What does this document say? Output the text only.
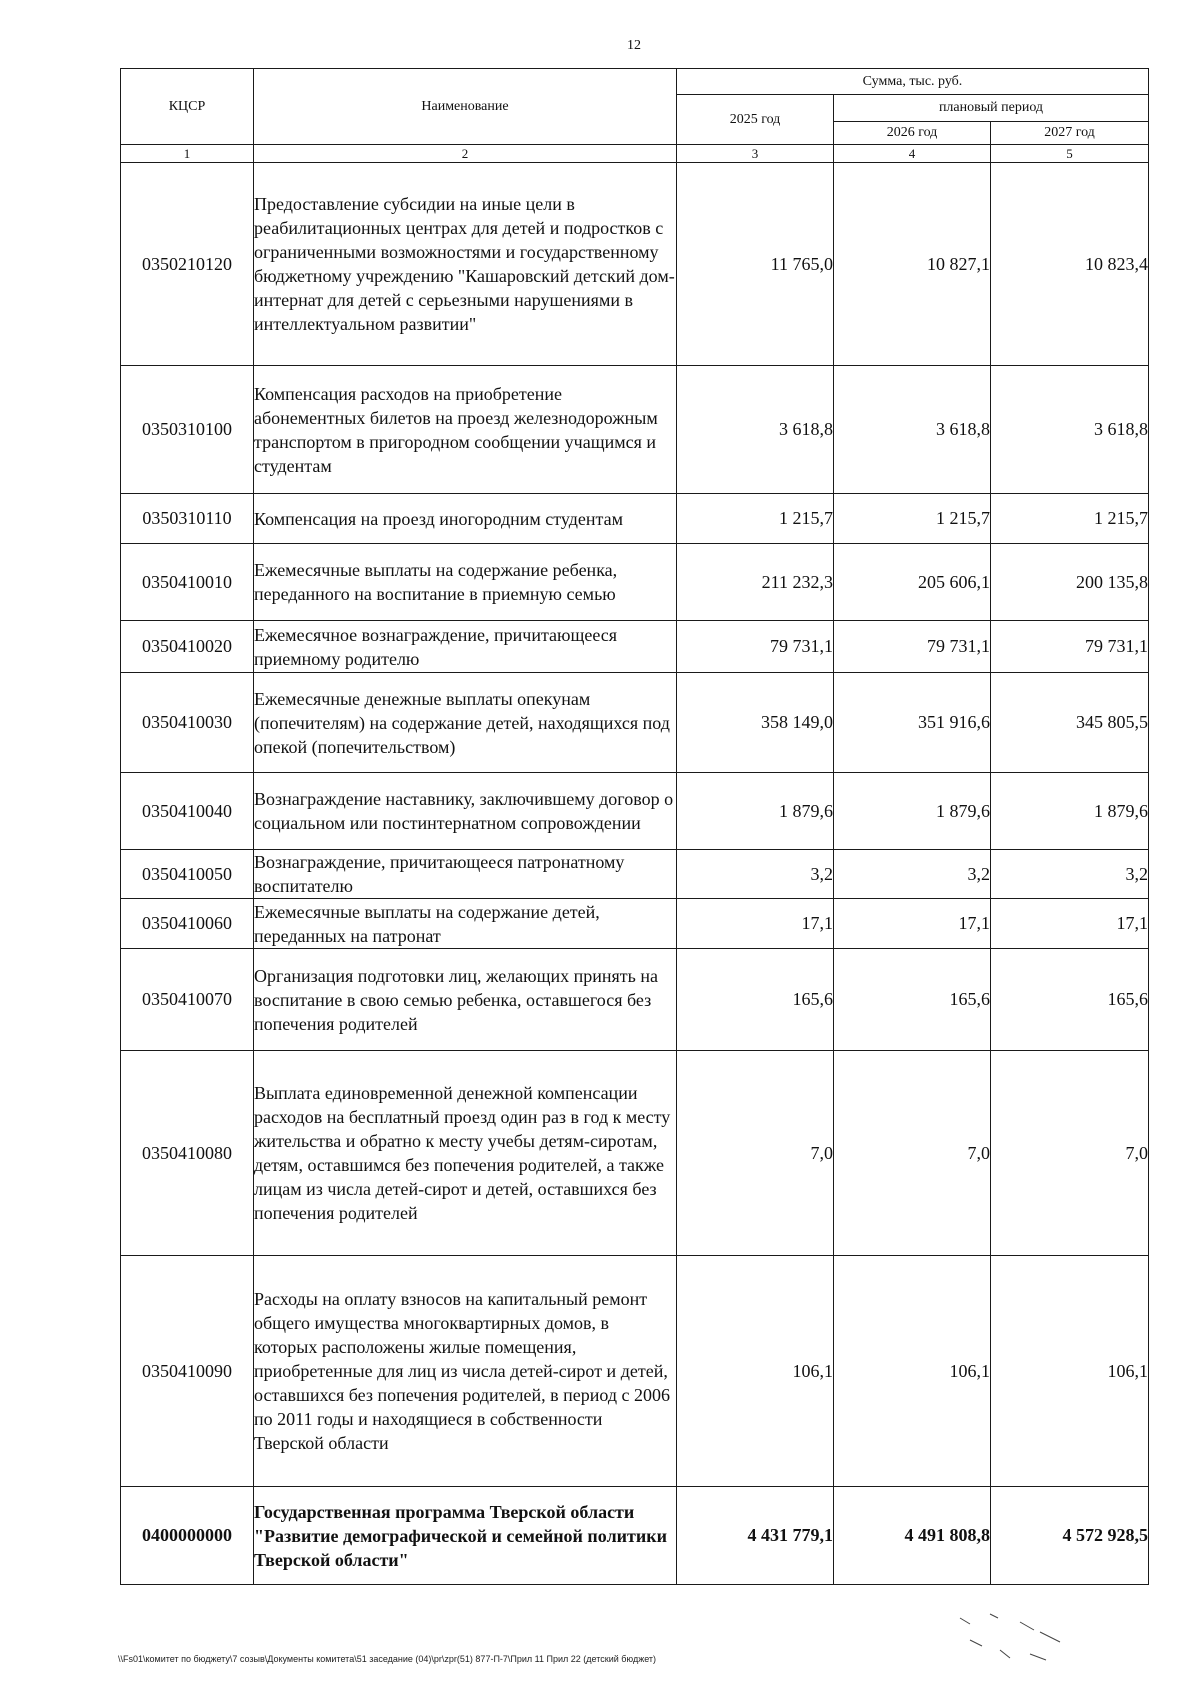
12
КЦСР	Наименование	Сумма, тыс. руб.		
		2025 год	плановый период	
			2026 год	2027 год
1	2	3	4	5
0350210120	Предоставление субсидии на иные цели в реабилитационных центрах для детей и подростков с ограниченными возможностями и государственному бюджетному учреждению "Кашаровский детский дом-интернат для детей с серьезными нарушениями в интеллектуальном развитии"	11 765,0	10 827,1	10 823,4
0350310100	Компенсация расходов на приобретение абонементных билетов на проезд железнодорожным транспортом в пригородном сообщении учащимся и студентам	3 618,8	3 618,8	3 618,8
0350310110	Компенсация на проезд иногородним студентам	1 215,7	1 215,7	1 215,7
0350410010	Ежемесячные выплаты на содержание ребенка, переданного на воспитание в приемную семью	211 232,3	205 606,1	200 135,8
0350410020	Ежемесячное вознаграждение, причитающееся приемному родителю	79 731,1	79 731,1	79 731,1
0350410030	Ежемесячные денежные выплаты опекунам (попечителям) на содержание детей, находящихся под опекой (попечительством)	358 149,0	351 916,6	345 805,5
0350410040	Вознаграждение наставнику, заключившему договор о социальном или постинтернатном сопровождении	1 879,6	1 879,6	1 879,6
0350410050	Вознаграждение, причитающееся патронатному воспитателю	3,2	3,2	3,2
0350410060	Ежемесячные выплаты на содержание детей, переданных на патронат	17,1	17,1	17,1
0350410070	Организация подготовки лиц, желающих принять на воспитание в свою семью ребенка, оставшегося без попечения родителей	165,6	165,6	165,6
0350410080	Выплата единовременной денежной компенсации расходов на бесплатный проезд один раз в год к месту жительства и обратно к месту учебы детям-сиротам, детям, оставшимся без попечения родителей, а также лицам из числа детей-сирот и детей, оставшихся без попечения родителей	7,0	7,0	7,0
0350410090	Расходы на оплату взносов на капитальный ремонт общего имущества многоквартирных домов, в которых расположены жилые помещения, приобретенные для лиц из числа детей-сирот и детей, оставшихся без попечения родителей, в период с 2006 по 2011 годы и находящиеся в собственности Тверской области	106,1	106,1	106,1
0400000000	Государственная программа Тверской области "Развитие демографической и семейной политики Тверской области"	4 431 779,1	4 491 808,8	4 572 928,5
\\Fs01\комитет по бюджету\7 созыв\Документы комитета\51 заседание (04)\pr\zpr(51) 877-П-7\Прил 11 Прил 22 (детский бюджет)
